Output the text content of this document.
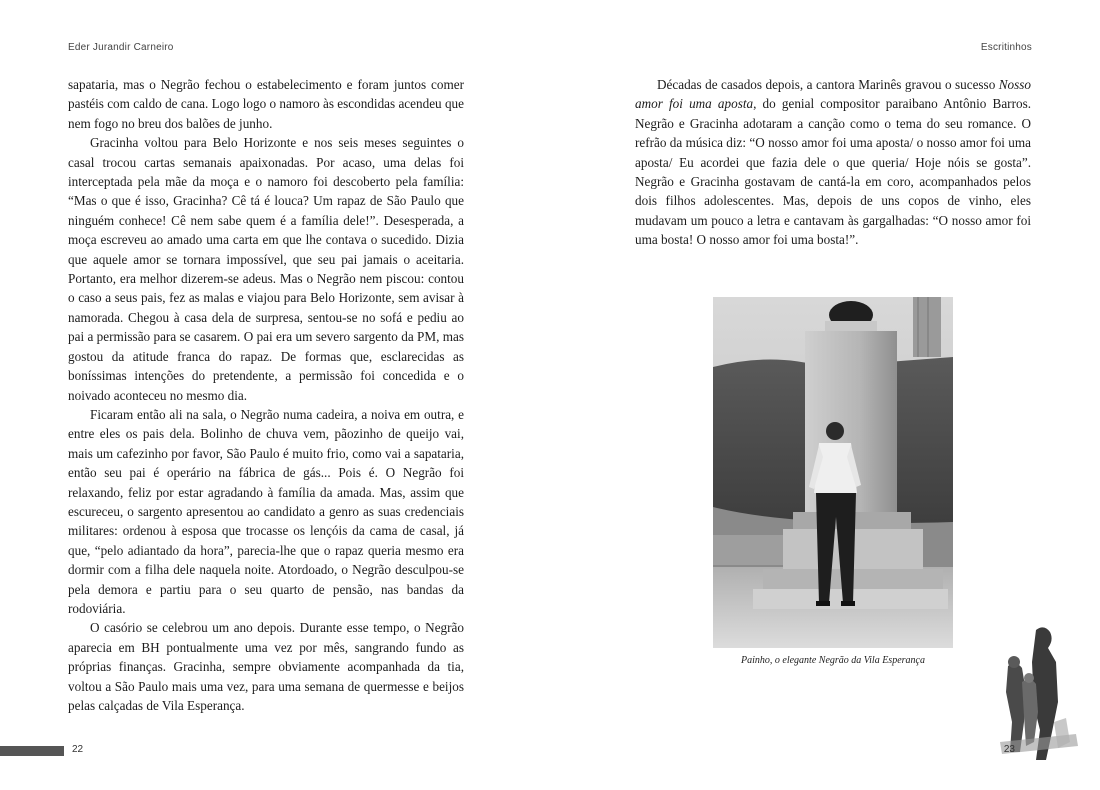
Eder Jurandir Carneiro

sapataria, mas o Negrão fechou o estabelecimento e foram juntos comer pastéis com caldo de cana. Logo logo o namoro às escondidas acendeu que nem fogo no breu dos balões de junho.

Gracinha voltou para Belo Horizonte e nos seis meses seguintes o casal trocou cartas semanais apaixonadas. Por acaso, uma delas foi interceptada pela mãe da moça e o namoro foi descoberto pela família: “Mas o que é isso, Gracinha? Cê tá é louca? Um rapaz de São Paulo que ninguém conhece! Cê nem sabe quem é a família dele!”. Desesperada, a moça escreveu ao amado uma carta em que lhe contava o sucedido. Dizia que aquele amor se tornara impossível, que seu pai jamais o aceitaria. Portanto, era melhor dizerem-se adeus. Mas o Negrão nem piscou: contou o caso a seus pais, fez as malas e viajou para Belo Horizonte, sem avisar à namorada. Chegou à casa dela de surpresa, sentou-se no sofá e pediu ao pai a permissão para se casarem. O pai era um severo sargento da PM, mas gostou da atitude franca do rapaz. De formas que, esclarecidas as boníssimas intenções do pretendente, a permissão foi concedida e o noivado aconteceu no mesmo dia.

Ficaram então ali na sala, o Negrão numa cadeira, a noiva em outra, e entre eles os pais dela. Bolinho de chuva vem, pãozinho de queijo vai, mais um cafezinho por favor, São Paulo é muito frio, como vai a sapataria, então seu pai é operário na fábrica de gás... Pois é. O Negrão foi relaxando, feliz por estar agradando à família da amada. Mas, assim que escureceu, o sargento apresentou ao candidato a genro as suas credenciais militares: ordenou à esposa que trocasse os lençóis da cama de casal, já que, “pelo adiantado da hora”, parecia-lhe que o rapaz queria mesmo era dormir com a filha dele naquela noite. Atordoado, o Negrão desculpou-se pela demora e partiu para o seu quarto de pensão, nas bandas da rodoviária.

O casório se celebrou um ano depois. Durante esse tempo, o Negrão aparecia em BH pontualmente uma vez por mês, sangrando fundo as próprias finanças. Gracinha, sempre obviamente acompanhada da tia, voltou a São Paulo mais uma vez, para uma semana de quermesse e beijos pelas calçadas de Vila Esperança.

22
Escritinhos

Décadas de casados depois, a cantora Marinês gravou o sucesso Nosso amor foi uma aposta, do genial compositor paraibano Antônio Barros. Negrão e Gracinha adotaram a canção como o tema do seu romance. O refrão da música diz: “O nosso amor foi uma aposta/ o nosso amor foi uma aposta/ Eu acordei que fazia dele o que queria/ Hoje nóis se gosta”. Negrão e Gracinha gostavam de cantá-la em coro, acompanhados pelos dois filhos adolescentes. Mas, depois de uns copos de vinho, eles mudavam um pouco a letra e cantavam às gargalhadas: “O nosso amor foi uma bosta! O nosso amor foi uma bosta!”.

Painho, o elegante Negrão da Vila Esperança
23
